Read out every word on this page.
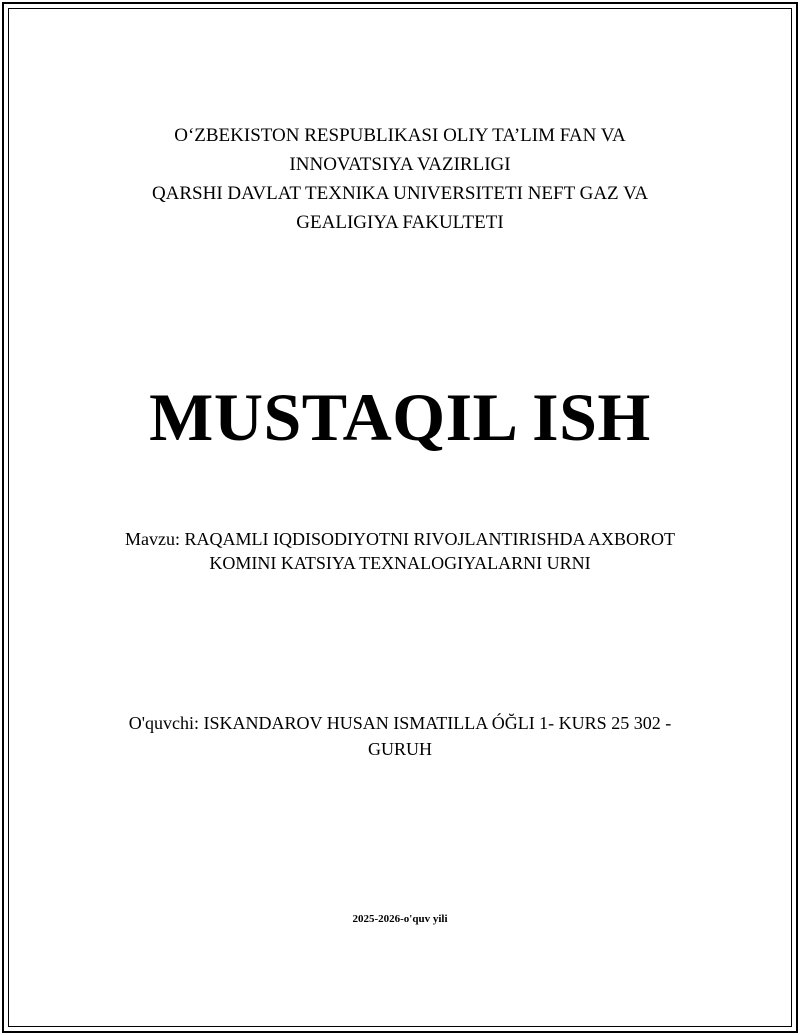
O‘ZBEKISTON RESPUBLIKASI OLIY TA’LIM FAN VA
INNOVATSIYA VAZIRLIGI
QARSHI DAVLAT TEXNIKA UNIVERSITETI NEFT GAZ VA
GEALIGIYA FAKULTETI
MUSTAQIL ISH
Mavzu: RAQAMLI IQDISODIYOTNI RIVOJLANTIRISHDA AXBOROT
KOMINI KATSIYA TEXNALOGIYALARNI URNI
O'quvchi: ISKANDAROV HUSAN ISMATILLA ÓĞLI 1- KURS 25 302 -
GURUH
2025-2026-o'quv yili
